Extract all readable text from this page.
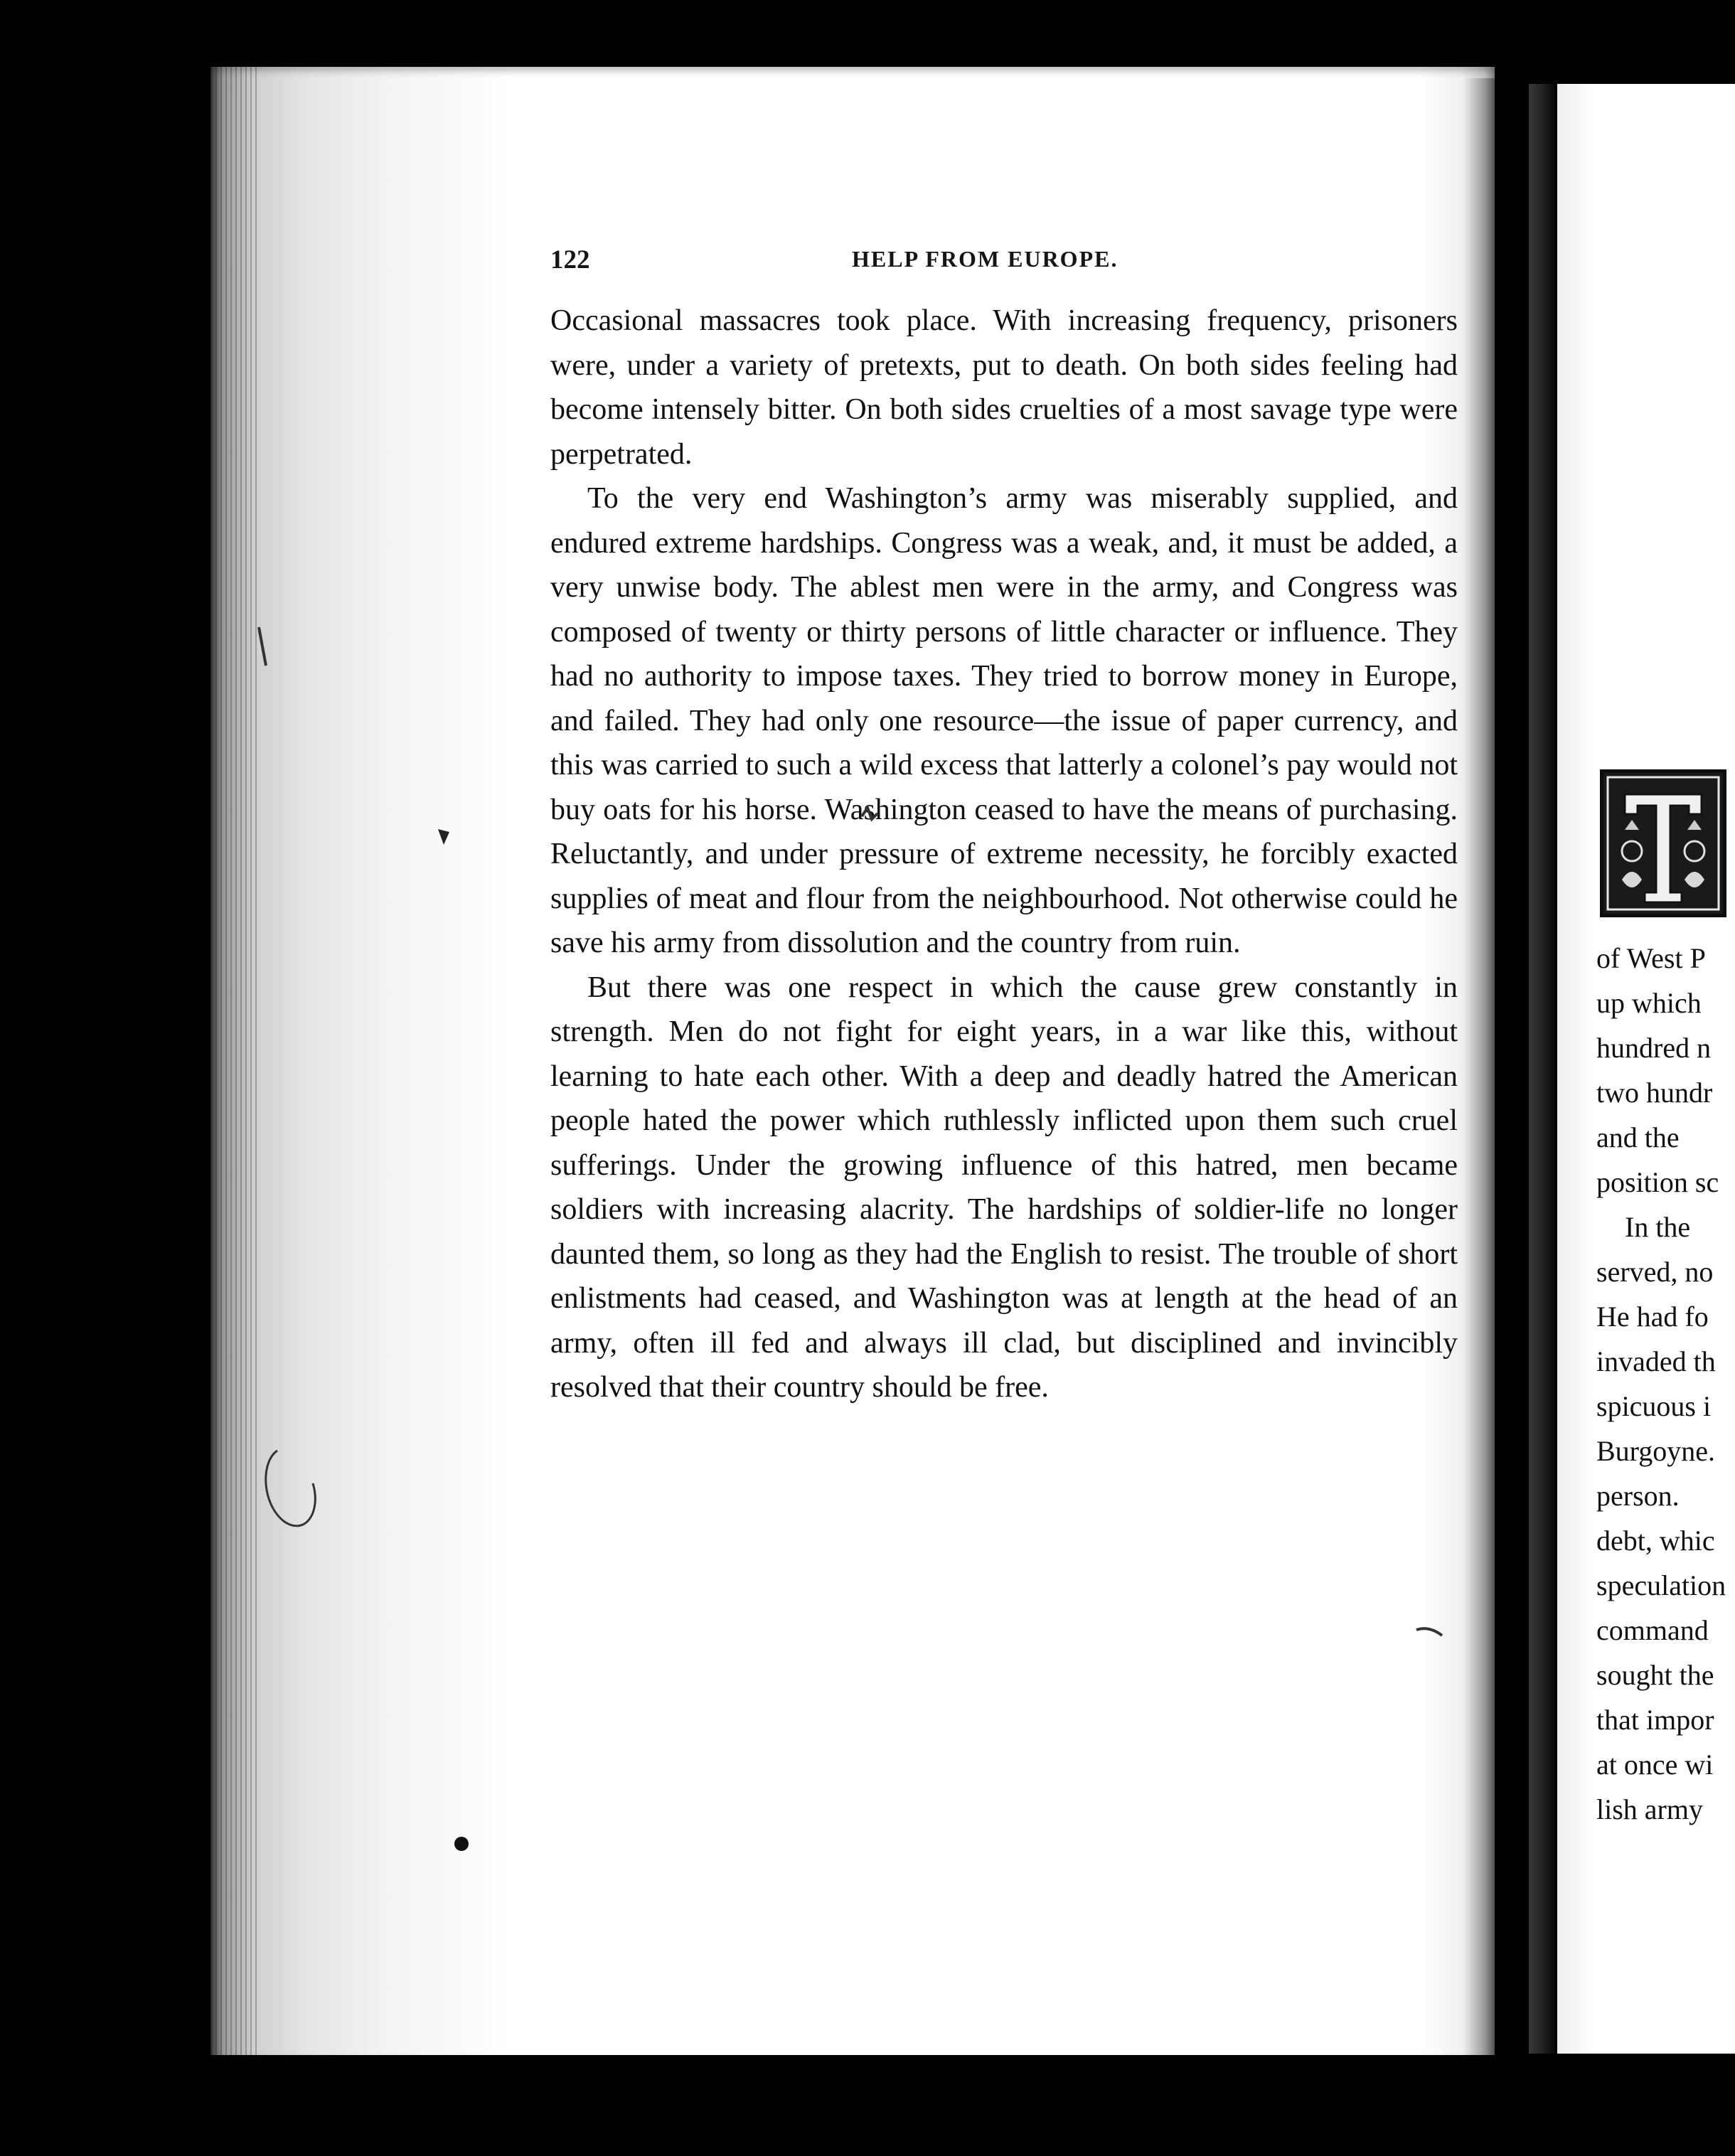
122	HELP FROM EUROPE.

Occasional massacres took place. With increasing frequency, prisoners were, under a variety of pretexts, put to death. On both sides feeling had become intensely bitter. On both sides cruelties of a most savage type were perpetrated.

To the very end Washington’s army was miserably supplied, and endured extreme hardships. Congress was a weak, and, it must be added, a very unwise body. The ablest men were in the army, and Congress was composed of twenty or thirty persons of little character or influence. They had no authority to impose taxes. They tried to borrow money in Europe, and failed. They had only one resource—the issue of paper currency, and this was carried to such a wild excess that latterly a colonel’s pay would not buy oats for his horse. Washington ceased to have the means of purchasing. Reluctantly, and under pressure of extreme necessity, he forcibly exacted supplies of meat and flour from the neighbourhood. Not otherwise could he save his army from dissolution and the country from ruin.

But there was one respect in which the cause grew constantly in strength. Men do not fight for eight years, in a war like this, without learning to hate each other. With a deep and deadly hatred the American people hated the power which ruthlessly inflicted upon them such cruel sufferings. Under the growing influence of this hatred, men became soldiers with increasing alacrity. The hardships of soldier-life no longer daunted them, so long as they had the English to resist. The trouble of short enlistments had ceased, and Washington was at length at the head of an army, often ill fed and always ill clad, but disciplined and invincibly resolved that their country should be free.

of West P
up which
hundred n
two hundr
and the
position sc
In the
served, no
He had fo
invaded th
spicuous i
Burgoyne.
person.
debt, whic
speculation
command
sought the
that impor
at once wi
lish army
